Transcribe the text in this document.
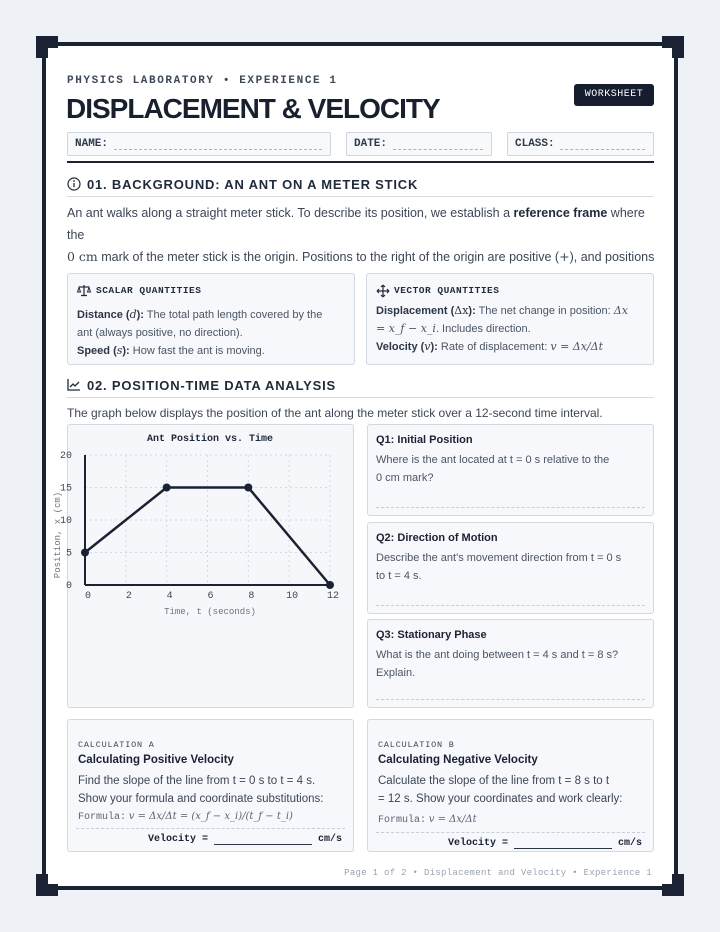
PHYSICS LABORATORY • EXPERIENCE 1
DISPLACEMENT & VELOCITY	WORKSHEET
NAME:	DATE:	CLASS:
01. BACKGROUND: AN ANT ON A METER STICK
An ant walks along a straight meter stick. To describe its position, we establish a reference frame where the
0 cm mark of the meter stick is the origin. Positions to the right of the origin are positive (+), and positions
SCALAR QUANTITIES
Distance (d): The total path length covered by the
ant (always positive, no direction).
Speed (s): How fast the ant is moving.
VECTOR QUANTITIES
Displacement (Δx): The net change in position: Δx
= x_f − x_i. Includes direction.
Velocity (v): Rate of displacement: v = Δx/Δt
02. POSITION-TIME DATA ANALYSIS
The graph below displays the position of the ant along the meter stick over a 12-second time interval.
Ant Position vs. Time
0
5
10
15
20
0	2	4	6	8	10	12
Time, t (seconds)
Position, x (cm)
Q1: Initial Position
Where is the ant located at t = 0 s relative to the
0 cm mark?
Q2: Direction of Motion
Describe the ant's movement direction from t = 0 s
to t = 4 s.
Q3: Stationary Phase
What is the ant doing between t = 4 s and t = 8 s?
Explain.
CALCULATION A
Calculating Positive Velocity
Find the slope of the line from t = 0 s to t = 4 s.
Show your formula and coordinate substitutions:
Formula: v = Δx/Δt = (x_f − x_i)/(t_f − t_i)
Velocity =	cm/s
CALCULATION B
Calculating Negative Velocity
Calculate the slope of the line from t = 8 s to t
= 12 s. Show your coordinates and work clearly:
Formula: v = Δx/Δt
Velocity =	cm/s
Page 1 of 2 • Displacement and Velocity • Experience 1
